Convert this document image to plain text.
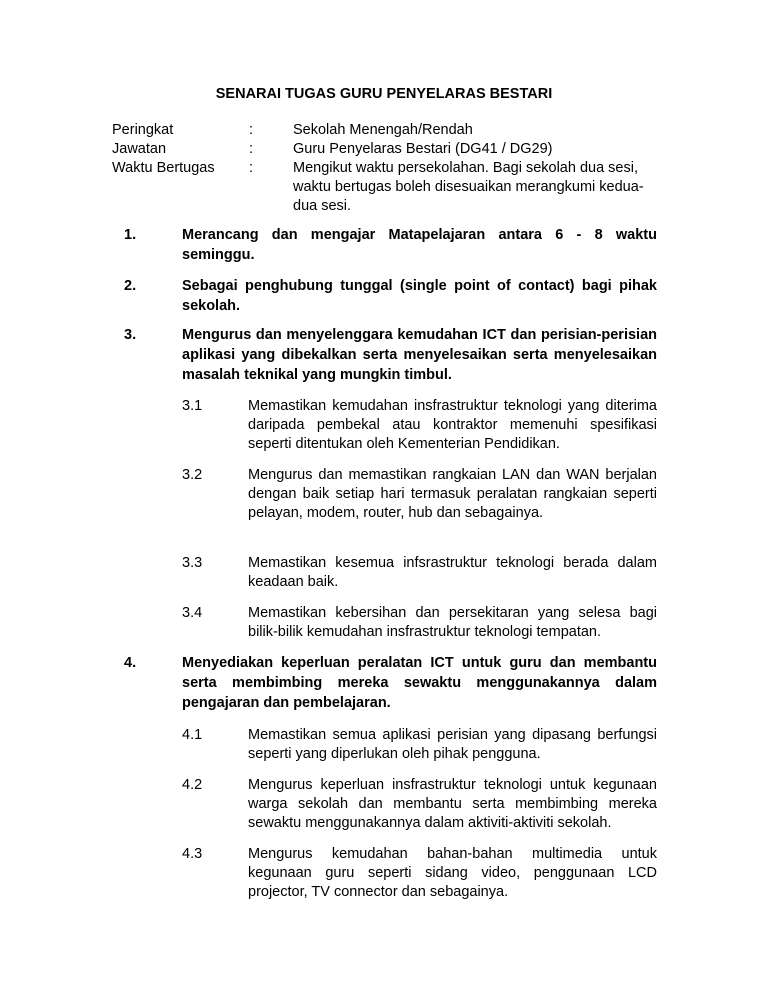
SENARAI TUGAS GURU PENYELARAS BESTARI
Peringkat	:	Sekolah Menengah/Rendah
Jawatan	:	Guru Penyelaras Bestari (DG41 / DG29)
Waktu Bertugas :	Mengikut waktu persekolahan. Bagi sekolah dua sesi, waktu bertugas boleh disesuaikan merangkumi kedua-dua sesi.
1.	Merancang dan mengajar Matapelajaran antara 6 - 8 waktu seminggu.
2.	Sebagai penghubung tunggal (single point of contact) bagi pihak sekolah.
3.	Mengurus dan menyelenggara kemudahan ICT dan perisian-perisian aplikasi yang dibekalkan serta menyelesaikan serta menyelesaikan masalah teknikal yang mungkin timbul.
3.1	Memastikan kemudahan insfrastruktur teknologi yang diterima daripada pembekal atau kontraktor memenuhi spesifikasi seperti ditentukan oleh Kementerian Pendidikan.
3.2	Mengurus dan memastikan rangkaian LAN dan WAN berjalan dengan baik setiap hari termasuk peralatan rangkaian seperti pelayan, modem, router, hub dan sebagainya.
3.3	Memastikan kesemua infsrastruktur teknologi berada dalam keadaan baik.
3.4	Memastikan kebersihan dan persekitaran yang selesa bagi bilik-bilik kemudahan insfrastruktur teknologi tempatan.
4.	Menyediakan keperluan peralatan ICT untuk guru dan membantu serta membimbing mereka sewaktu menggunakannya dalam pengajaran dan pembelajaran.
4.1	Memastikan semua aplikasi perisian yang dipasang berfungsi seperti yang diperlukan oleh pihak pengguna.
4.2	Mengurus keperluan insfrastruktur teknologi untuk kegunaan warga sekolah dan membantu serta membimbing mereka sewaktu menggunakannya dalam aktiviti-aktiviti sekolah.
4.3	Mengurus kemudahan bahan-bahan multimedia untuk kegunaan guru seperti sidang video, penggunaan LCD projector, TV connector dan sebagainya.
